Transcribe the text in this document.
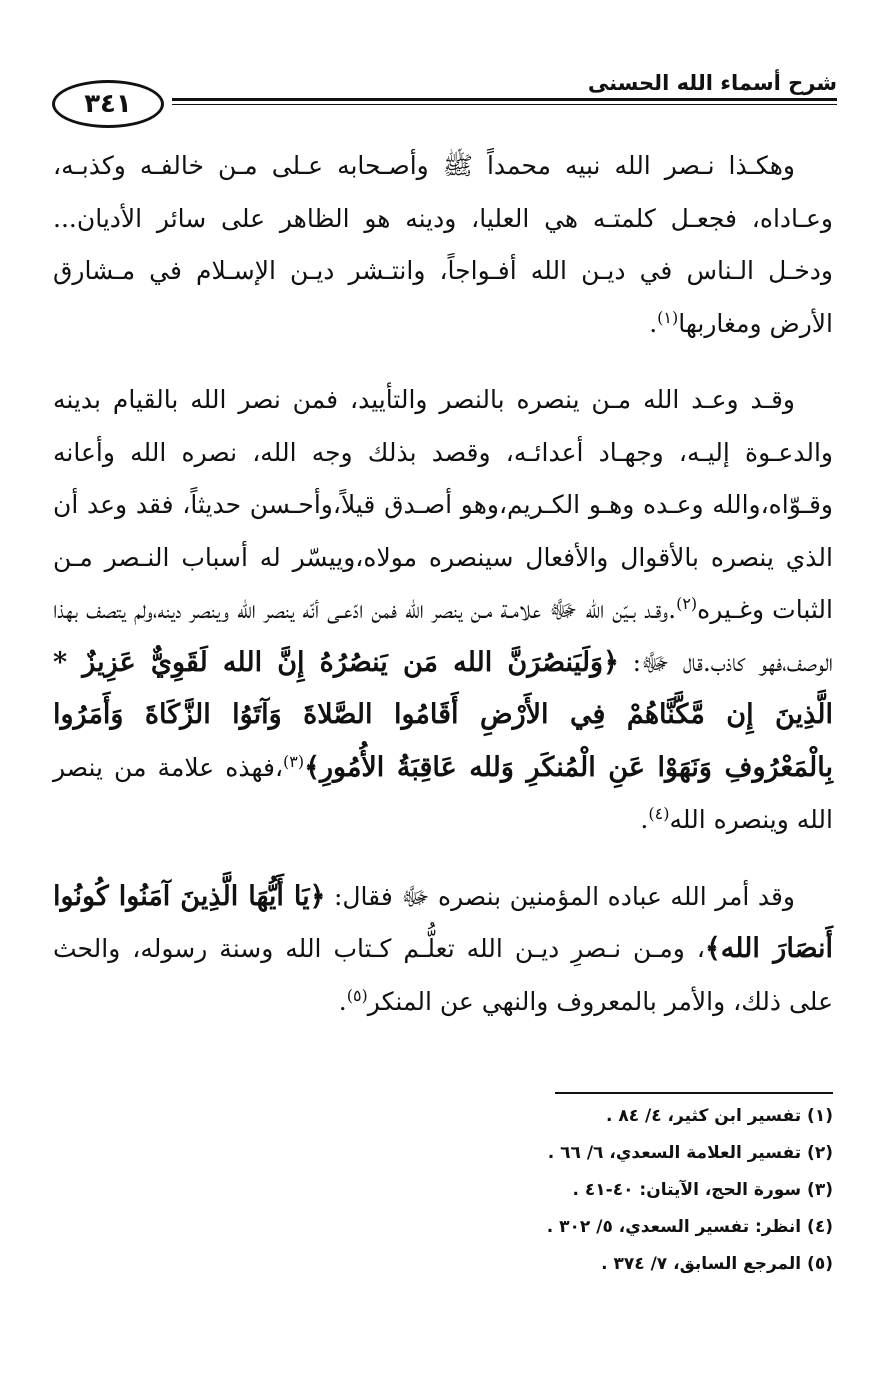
شرح أسماء الله الحسنى
٣٤١

وهكـذا نـصر الله نبيه محمداً ﷺ وأصـحابه عـلى مـن خالفـه وكذبـه، وعـاداه، فجعـل كلمتـه هي العليا، ودينه هو الظاهر على سائر الأديان... ودخـل الـناس في ديـن الله أفـواجاً، وانتـشر ديـن الإسـلام في مـشارق الأرض ومغاربها$^{(١)}$.

وقـد وعـد الله مـن ينصره بالنصر والتأييد، فمن نصر الله بالقيام بدينه والدعـوة إليـه، وجهـاد أعدائـه، وقصد بذلك وجه الله، نصره الله وأعانه وقـوّاه،والله وعـده وهـو الكـريم،وهو أصـدق قيلاً،وأحـسن حديثاً، فقد وعد أن الذي ينصره بالأقوال والأفعال سينصره مولاه،وييسّر له أسباب النـصر مـن الثبات وغـيره$^{(٢)}$.وقـد بـيّن الله ﷻ علامـة مـن ينصر الله فمن ادّعـى أنّه ينصر الله وينصر دينه،ولم يتصف بهذا الوصف،فهو كاذب.قال ﷻ: ﴿وَلَيَنصُرَنَّ الله مَن يَنصُرُهُ إِنَّ الله لَقَوِيٌّ عَزِيزٌ * الَّذِينَ إِن مَّكَّنَّاهُمْ فِي الأَرْضِ أَقَامُوا الصَّلاةَ وَآتَوُا الزَّكَاةَ وَأَمَرُوا بِالْمَعْرُوفِ وَنَهَوْا عَنِ الْمُنكَرِ وَلله عَاقِبَةُ الأُمُورِ﴾$^{(٣)}$،فهذه علامة من ينصر الله وينصره الله$^{(٤)}$.

وقد أمر الله عباده المؤمنين بنصره ﷻ فقال: ﴿يَا أَيُّهَا الَّذِينَ آمَنُوا كُونُوا أَنصَارَ الله﴾، ومـن نـصرِ ديـن الله تعلُّـم كـتاب الله وسنة رسوله، والحث على ذلك، والأمر بالمعروف والنهي عن المنكر$^{(٥)}$.

(١) تفسير ابن كثير، ٤/ ٨٤ .
(٢) تفسير العلامة السعدي، ٦/ ٦٦ .
(٣) سورة الحج، الآيتان: ٤٠-٤١ .
(٤) انظر: تفسير السعدي، ٥/ ٣٠٢ .
(٥) المرجع السابق، ٧/ ٣٧٤ .
